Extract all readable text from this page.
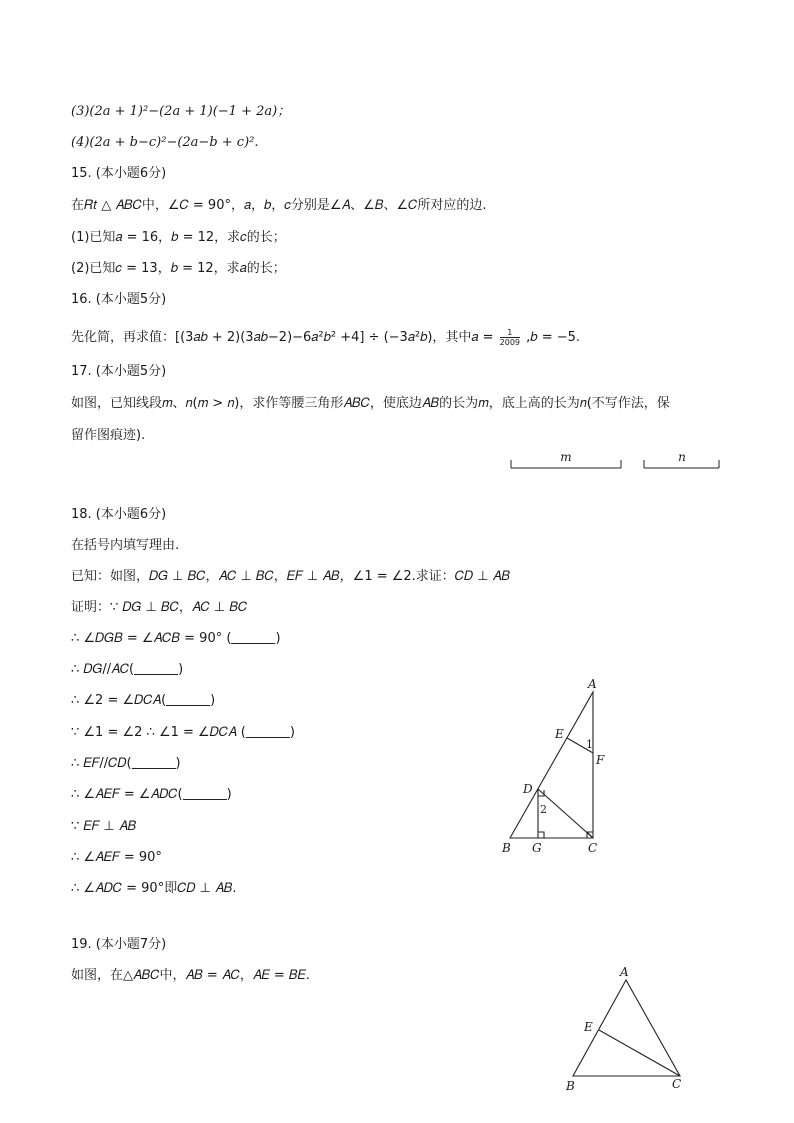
(3)(2𝑎 + 1)²−(2𝑎 + 1)(−1 + 2𝑎)；
(4)(2𝑎 + 𝑏−𝑐)²−(2𝑎−𝑏 + 𝑐)².
15. (本小题6分)
在𝑅𝑡 △ 𝐴𝐵𝐶中，∠𝐶 = 90°，𝑎，𝑏，𝑐分别是∠𝐴、∠𝐵、∠𝐶所对应的边.
(1)已知𝑎 = 16，𝑏 = 12，求𝑐的长；
(2)已知𝑐 = 13，𝑏 = 12，求𝑎的长；
16. (本小题5分)
先化简，再求值：[(3𝑎𝑏 + 2)(3𝑎𝑏−2)−6𝑎²𝑏² +4] ÷ (−3𝑎²𝑏)，其中𝑎 = $\frac{1}{2009}$ ,𝑏 = −5.
17. (本小题5分)
如图，已知线段𝑚、𝑛(𝑚 > 𝑛)，求作等腰三角形𝐴𝐵𝐶，使底边𝐴𝐵的长为𝑚，底上高的长为𝑛(不写作法，保
留作图痕迹).
m	n
18. (本小题6分)
在括号内填写理由.
已知：如图，𝐷𝐺 ⊥ 𝐵𝐶，𝐴𝐶 ⊥ 𝐵𝐶，𝐸𝐹 ⊥ 𝐴𝐵，∠1 = ∠2.求证：𝐶𝐷 ⊥ 𝐴𝐵
证明：∵ 𝐷𝐺 ⊥ 𝐵𝐶，𝐴𝐶 ⊥ 𝐵𝐶
∴ ∠𝐷𝐺𝐵 = ∠𝐴𝐶𝐵 = 90° (	)
∴ 𝐷𝐺//𝐴𝐶(	)
∴ ∠2 = ∠𝐷𝐶𝐴(	)
∵ ∠1 = ∠2 ∴ ∠1 = ∠𝐷𝐶𝐴 (	)
∴ 𝐸𝐹//𝐶𝐷(	)
∴ ∠𝐴𝐸𝐹 = ∠𝐴𝐷𝐶(	)
∵ 𝐸𝐹 ⊥ 𝐴𝐵
∴ ∠𝐴𝐸𝐹 = 90°
∴ ∠𝐴𝐷𝐶 = 90°即𝐶𝐷 ⊥ 𝐴𝐵.
A
E
1
F
D
2
B G	C
19. (本小题7分)
如图，在△𝐴𝐵𝐶中，𝐴𝐵 = 𝐴𝐶，𝐴𝐸 = 𝐵𝐸.	A
E
B	C
